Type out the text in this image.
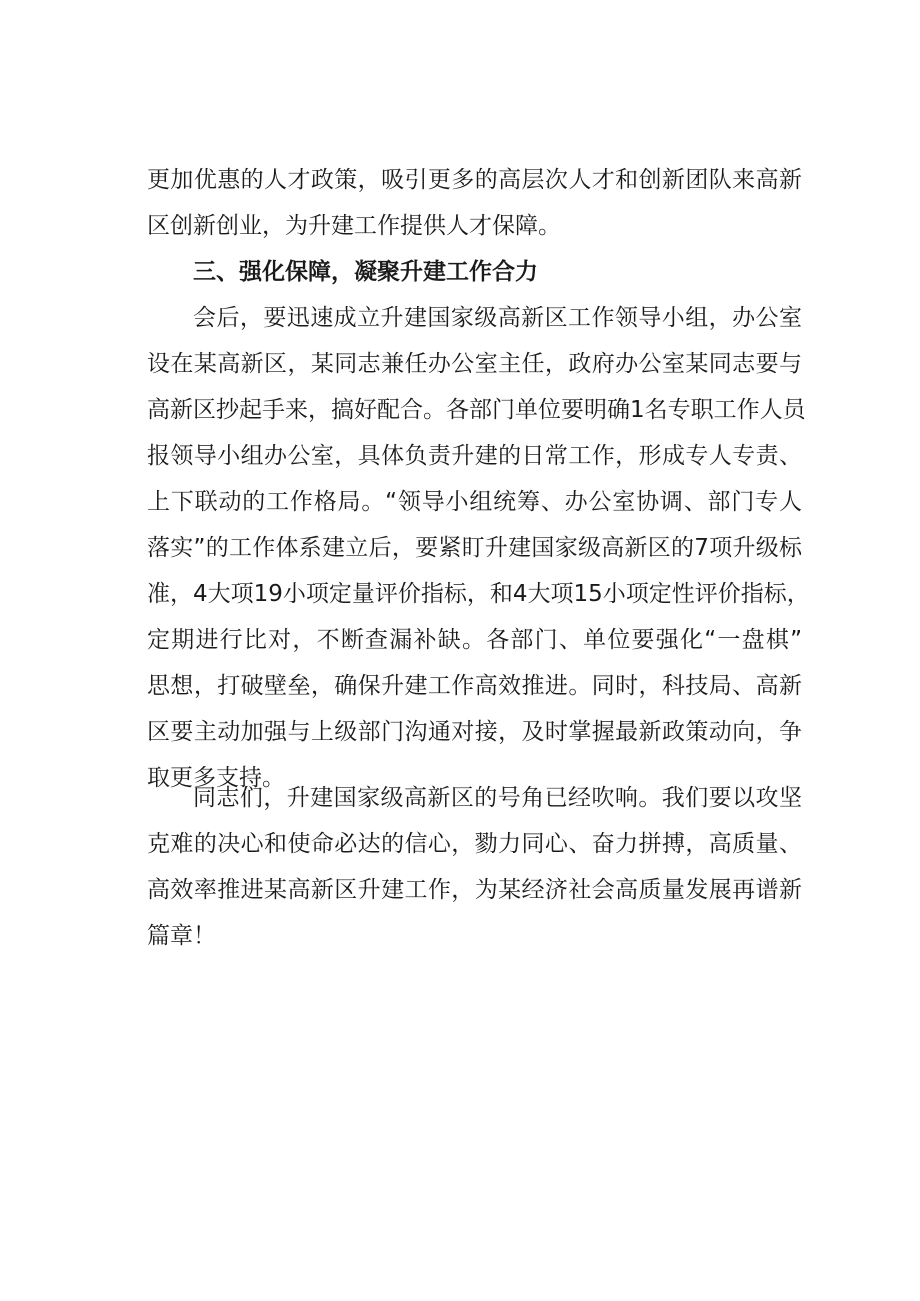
更加优惠的人才政策，吸引更多的高层次人才和创新团队来高新
区创新创业，为升建工作提供人才保障。
三、强化保障，凝聚升建工作合力
会后，要迅速成立升建国家级高新区工作领导小组，办公室
设在某高新区，某同志兼任办公室主任，政府办公室某同志要与
高新区抄起手来，搞好配合。各部门单位要明确1名专职工作人员
报领导小组办公室，具体负责升建的日常工作，形成专人专责、
上下联动的工作格局。“领导小组统筹、办公室协调、部门专人
落实”的工作体系建立后，要紧盯升建国家级高新区的7项升级标
准，4大项19小项定量评价指标，和4大项15小项定性评价指标，
定期进行比对，不断查漏补缺。各部门、单位要强化“一盘棋”
思想，打破壁垒，确保升建工作高效推进。同时，科技局、高新
区要主动加强与上级部门沟通对接，及时掌握最新政策动向，争
取更多支持。
同志们，升建国家级高新区的号角已经吹响。我们要以攻坚
克难的决心和使命必达的信心，勠力同心、奋力拼搏，高质量、
高效率推进某高新区升建工作，为某经济社会高质量发展再谱新
篇章！
